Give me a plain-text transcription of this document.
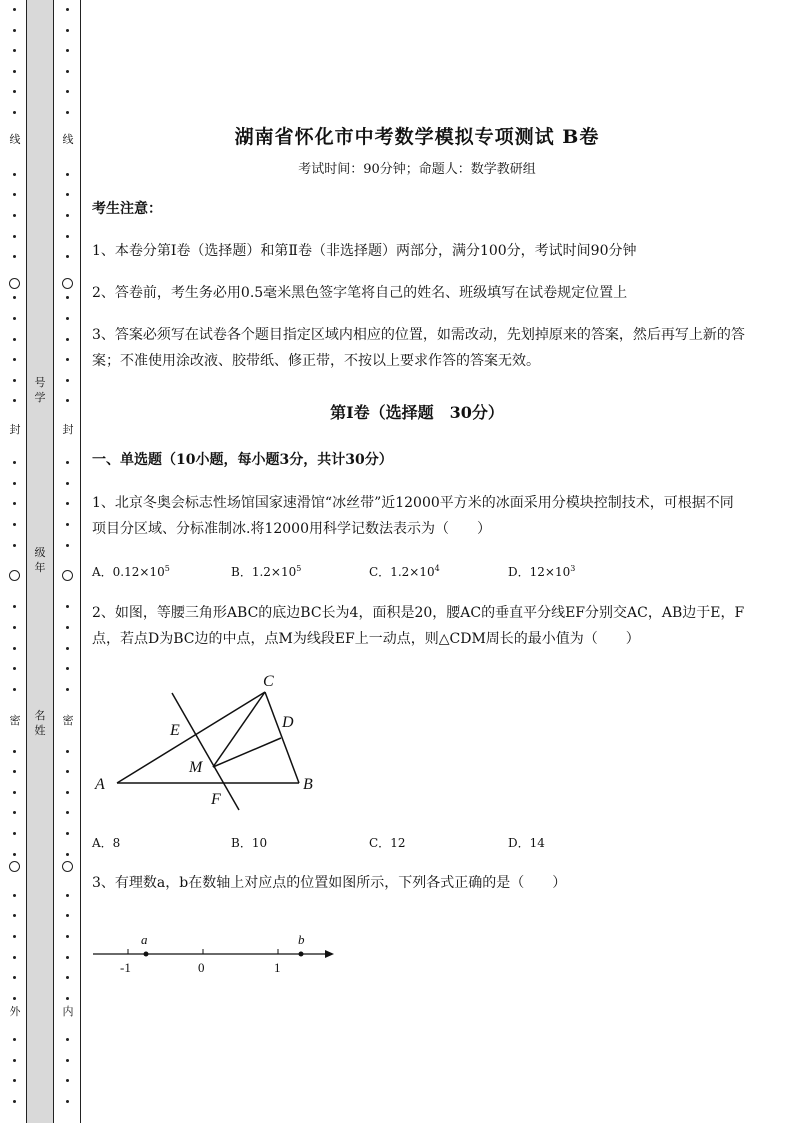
线
封
密
外
线
封
密
内
号
学
级
年
名
姓
湖南省怀化市中考数学模拟专项测试 B卷
考试时间：90分钟；命题人：数学教研组
考生注意：
1、本卷分第I卷（选择题）和第Ⅱ卷（非选择题）两部分，满分100分，考试时间90分钟
2、答卷前，考生务必用0.5毫米黑色签字笔将自己的姓名、班级填写在试卷规定位置上
3、答案必须写在试卷各个题目指定区域内相应的位置，如需改动，先划掉原来的答案，然后再写上新的答案；不准使用涂改液、胶带纸、修正带，不按以上要求作答的答案无效。
第I卷（选择题　30分）
一、单选题（10小题，每小题3分，共计30分）
1、北京冬奥会标志性场馆国家速滑馆“冰丝带”近12000平方米的冰面采用分模块控制技术，可根据不同项目分区域、分标准制冰.将12000用科学记数法表示为（　　）
A．$0.12\times 10^5$	B．$1.2\times 10^5$	C．$1.2\times 10^4$	D．$12\times 10^3$
2、如图，等腰三角形ABC的底边BC长为4，面积是20，腰AC的垂直平分线EF分别交AC，AB边于E，F点，若点D为BC边的中点，点M为线段EF上一动点，则△CDM周长的最小值为（　　）
A	B
C
D
E
F
M
A．8	B．10	C．12	D．14
3、有理数a，b在数轴上对应点的位置如图所示，下列各式正确的是（　　）
a	b
-1	0	1
